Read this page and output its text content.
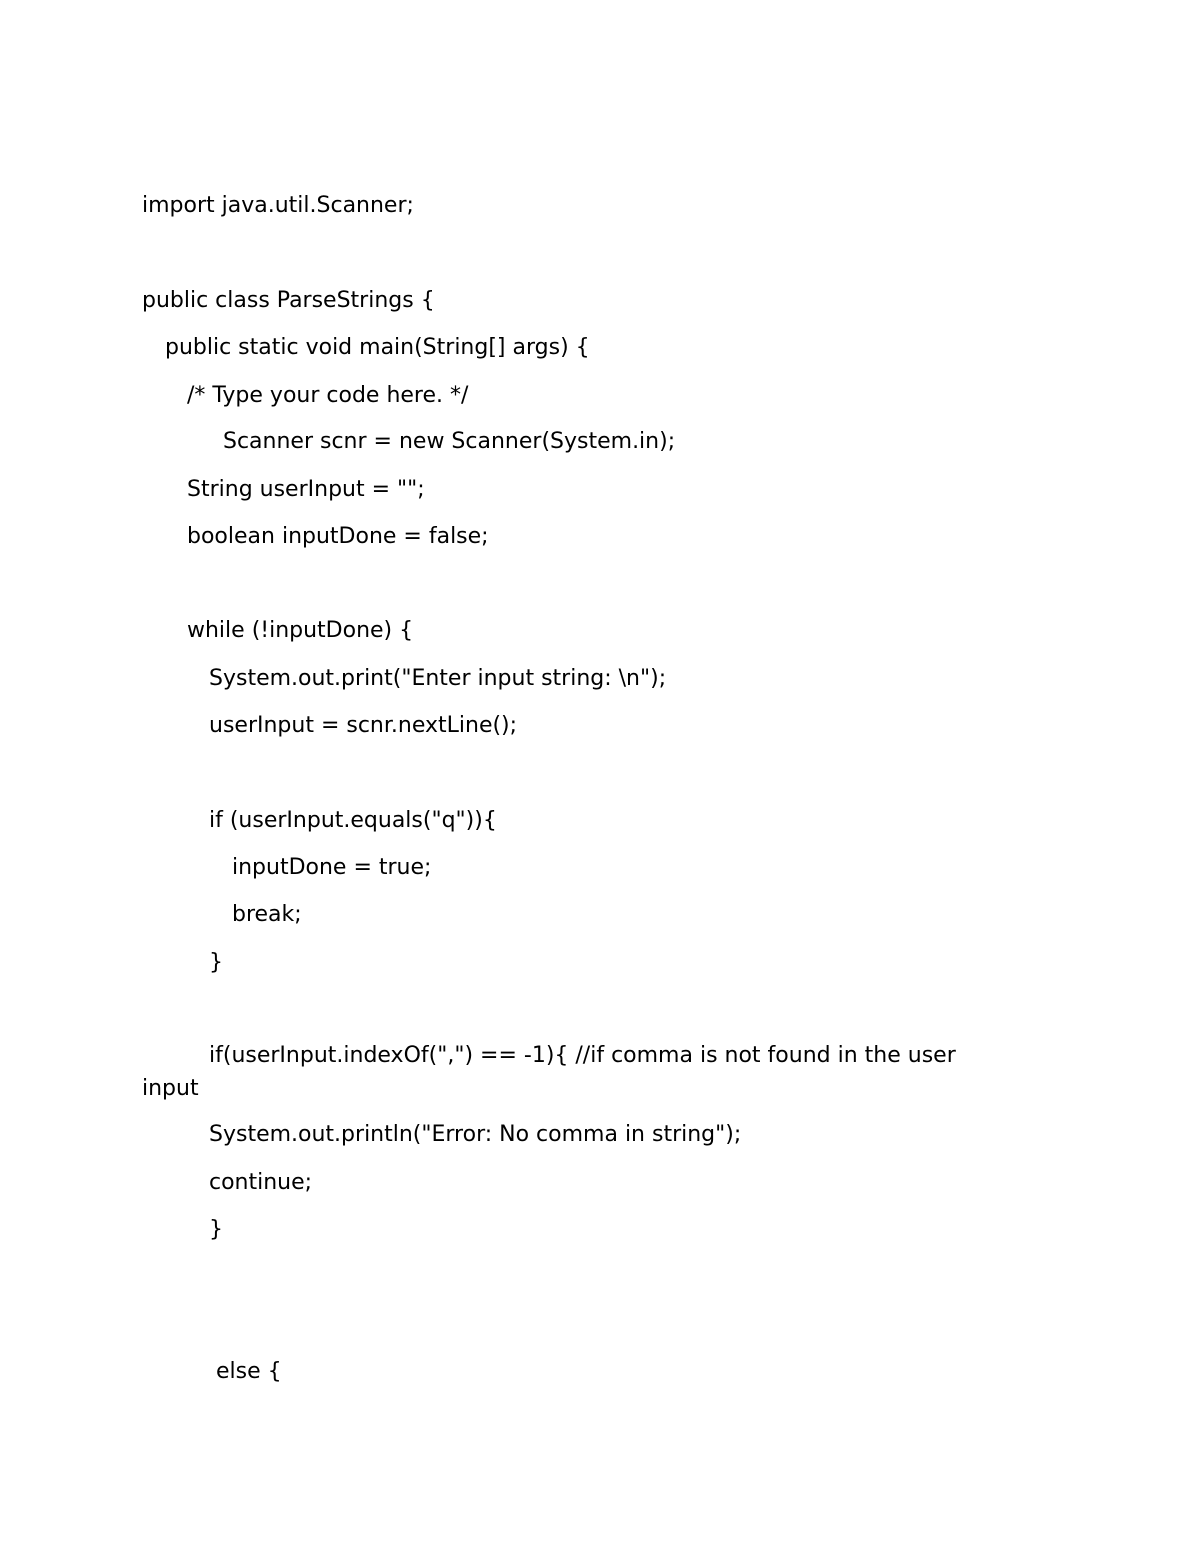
import java.util.Scanner;
public class ParseStrings {
public static void main(String[] args) {
/* Type your code here. */
Scanner scnr = new Scanner(System.in);
String userInput = "";
boolean inputDone = false;
while (!inputDone) {
System.out.print("Enter input string: \n");
userInput = scnr.nextLine();
if (userInput.equals("q")){
inputDone = true;
break;
}
if(userInput.indexOf(",") == -1){ //if comma is not found in the user
input
System.out.println("Error: No comma in string");
continue;
}
else {
